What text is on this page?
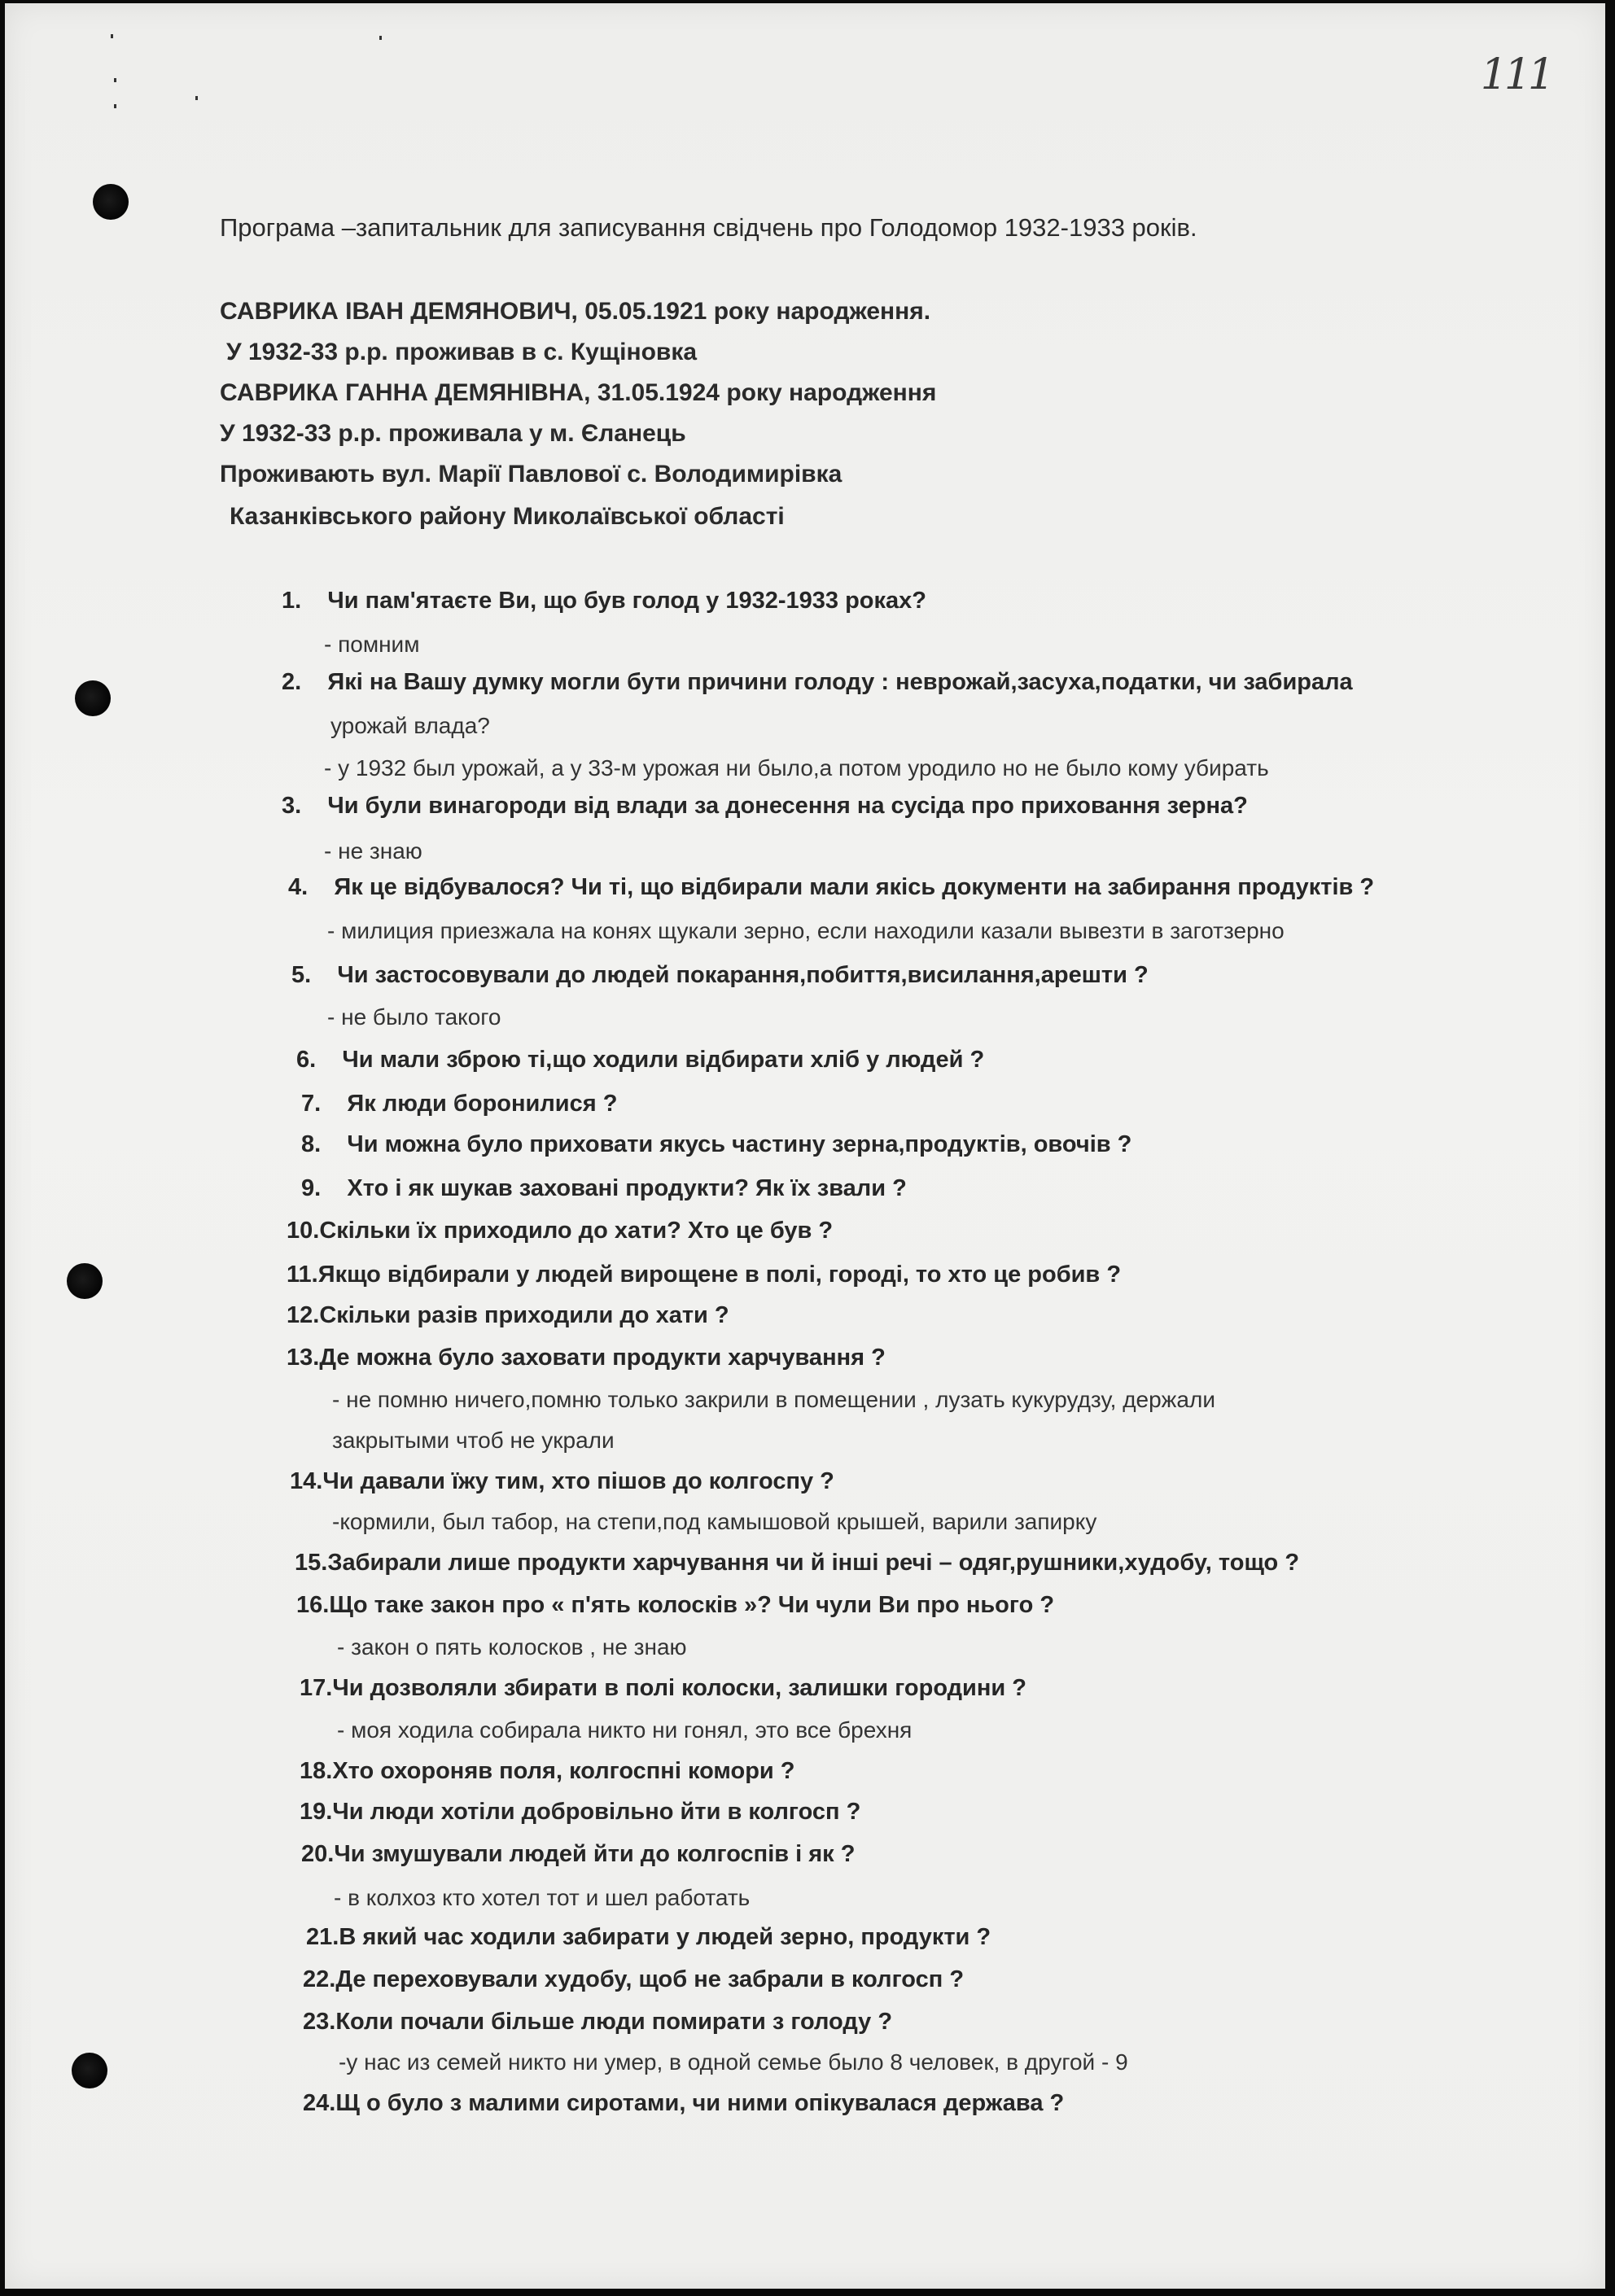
111
Програма –запитальник для записування свідчень про Голодомор 1932-1933 років.
САВРИКА ІВАН ДЕМЯНОВИЧ, 05.05.1921 року народження.
У 1932-33 р.р. проживав в с. Кущіновка
САВРИКА ГАННА ДЕМЯНІВНА, 31.05.1924 року народження
У 1932-33 р.р. проживала у м. Єланець
Проживають вул. Марії Павлової с. Володимирівка
Казанківського району Миколаївської області
1. Чи пам'ятаєте Ви, що був голод у 1932-1933 роках?
- помним
2. Які на Вашу думку могли бути причини голоду : неврожай,засуха,податки, чи забирала
урожай влада?
- у 1932 был урожай, а у 33-м урожая ни было,а потом уродило но не было кому убирать
3. Чи були винагороди від влади за донесення на сусіда про приховання зерна?
- не знаю
4. Як це відбувалося? Чи ті, що відбирали мали якісь документи на забирання продуктів ?
- милиция приезжала на конях щукали зерно, если находили казали вывезти в заготзерно
5. Чи застосовували до людей покарання,побиття,висилання,арешти ?
- не было такого
6. Чи мали зброю ті,що ходили відбирати хліб у людей ?
7. Як люди боронилися ?
8. Чи можна було приховати якусь частину зерна,продуктів, овочів ?
9. Хто і як шукав заховані продукти? Як їх звали ?
10.Скільки їх приходило до хати? Хто це був ?
11.Якщо відбирали у людей вирощене в полі, городі, то хто це робив ?
12.Скільки разів приходили до хати ?
13.Де можна було заховати продукти харчування ?
- не помню ничего,помню только закрили в помещении , лузать кукурудзу, держали
закрытыми чтоб не украли
14.Чи давали їжу тим, хто пішов до колгоспу ?
-кормили, был табор, на степи,под камышовой крышей, варили запирку
15.Забирали лише продукти харчування чи й інші речі – одяг,рушники,худобу, тощо ?
16.Що таке закон про « п'ять колосків »? Чи чули Ви про нього ?
- закон о пять колосков , не знаю
17.Чи дозволяли збирати в полі колоски, залишки городини ?
- моя ходила собирала никто ни гонял, это все брехня
18.Хто охороняв поля, колгоспні комори ?
19.Чи люди хотіли добровільно йти в колгосп ?
20.Чи змушували людей йти до колгоспів і як ?
- в колхоз кто хотел тот и шел работать
21.В який час ходили забирати у людей зерно, продукти ?
22.Де переховували худобу, щоб не забрали в колгосп ?
23.Коли почали більше люди помирати з голоду ?
-у нас из семей никто ни умер, в одной семье было 8 человек, в другой - 9
24.Щ о було з малими сиротами, чи ними опікувалася держава ?
